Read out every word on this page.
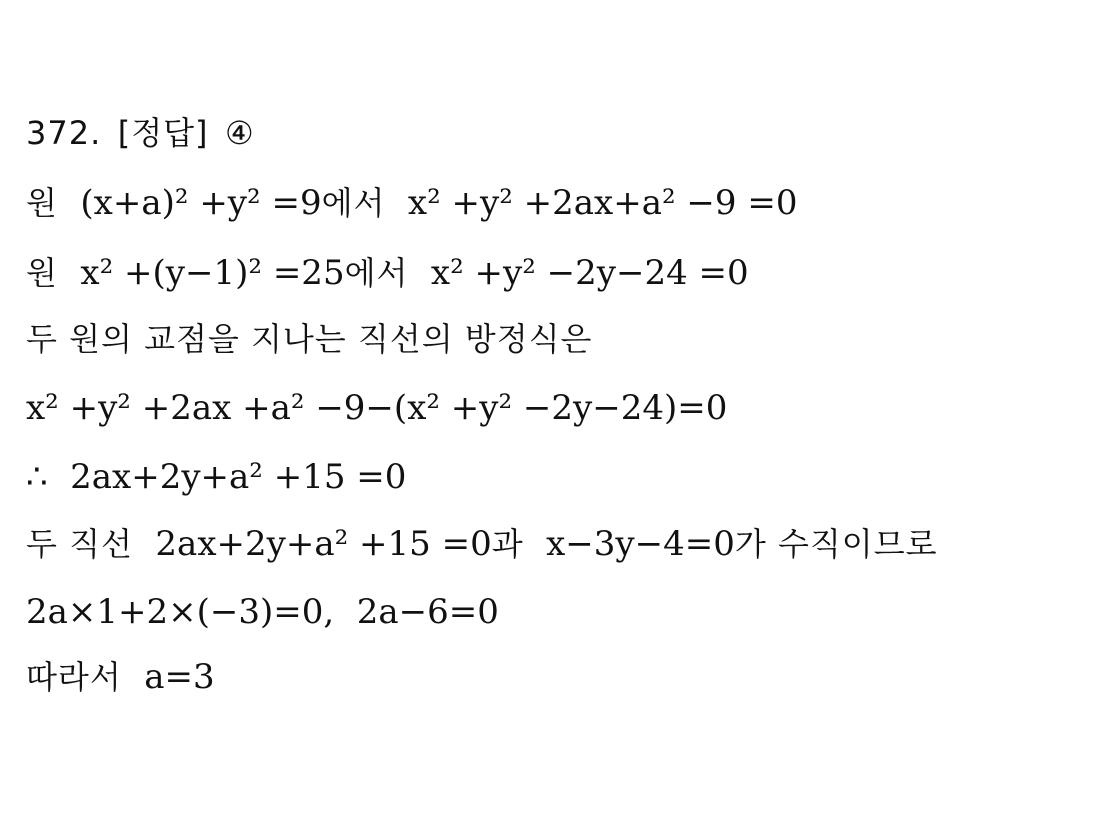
372. [정답] ④
원 (x+a)² +y² =9에서 x² +y² +2ax+a² −9 =0
원 x² +(y−1)² =25에서 x² +y² −2y−24 =0
두 원의 교점을 지나는 직선의 방정식은
x² +y² +2ax +a² −9−(x² +y² −2y−24)=0
∴ 2ax+2y+a² +15 =0
두 직선 2ax+2y+a² +15 =0과 x−3y−4=0가 수직이므로
2a×1+2×(−3)=0, 2a−6=0
따라서 a=3
